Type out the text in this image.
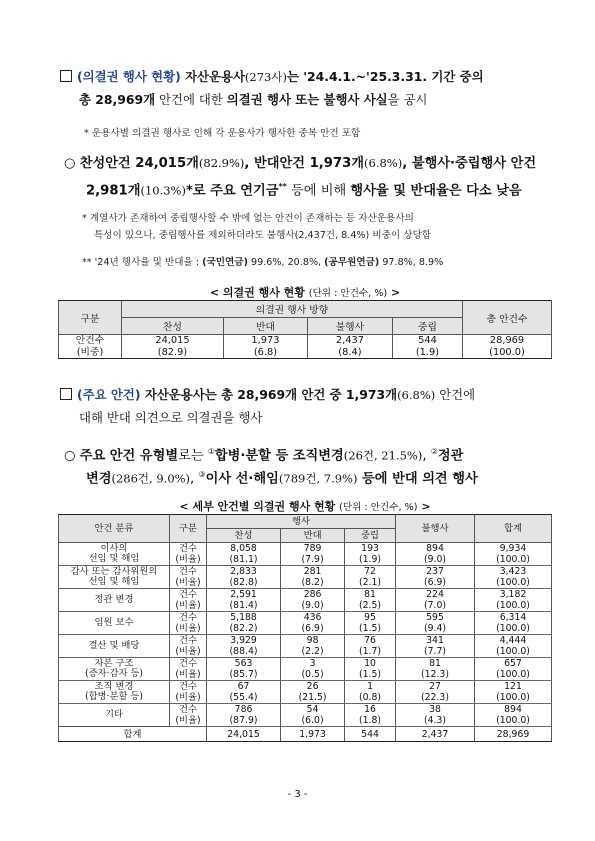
(의결권 행사 현황) 자산운용사(273사)는 '24.4.1.~'25.3.31. 기간 중의
총 28,969개 안건에 대한 의결권 행사 또는 불행사 사실을 공시
* 운용사별 의결권 행사로 인해 각 운용사가 행사한 중복 안건 포함
○ 찬성안건 24,015개(82.9%), 반대안건 1,973개(6.8%), 불행사·중립행사 안건
2,981개(10.3%)*로 주요 연기금** 등에 비해 행사율 및 반대율은 다소 낮음
* 계열사가 존재하여 중립행사할 수 밖에 없는 안건이 존재하는 등 자산운용사의
특성이 있으나, 중립행사를 제외하더라도 불행사(2,437건, 8.4%) 비중이 상당함
** '24년 행사율 및 반대율 : (국민연금) 99.6%, 20.8%, (공무원연금) 97.8%, 8.9%
< 의결권 행사 현황 (단위 : 안건수, %) >
구분	의결권 행사 방향				총 안건수
	찬성	반대	불행사	중립	
안건수	24,015	1,973	2,437	544	28,969
(비중)	(82.9)	(6.8)	(8.4)	(1.9)	(100.0)
(주요 안건) 자산운용사는 총 28,969개 안건 중 1,973개(6.8%) 안건에
대해 반대 의견으로 의결권을 행사
○ 주요 안건 유형별로는 ①합병·분할 등 조직변경(26건, 21.5%), ②정관
변경(286건, 9.0%), ③이사 선·해임(789건, 7.9%) 등에 반대 의견 행사
< 세부 안건별 의결권 행사 현황 (단위 : 안건수, %) >
안건 분류	구분	행사			불행사	합계
		찬성	반대	중립		

이사의
선임 및 해임	건수	8,058	789	193	894	9,934
	(비율)	(81.1)	(7.9)	(1.9)	(9.0)	(100.0)

감사 또는 감사위원의
선임 및 해임	건수	2,833	281	72	237	3,423
	(비율)	(82.8)	(8.2)	(2.1)	(6.9)	(100.0)

정관 변경	건수	2,591	286	81	224	3,182
	(비율)	(81.4)	(9.0)	(2.5)	(7.0)	(100.0)

임원 보수	건수	5,188	436	95	595	6,314
	(비율)	(82.2)	(6.9)	(1.5)	(9.4)	(100.0)

결산 및 배당	건수	3,929	98	76	341	4,444
	(비율)	(88.4)	(2.2)	(1.7)	(7.7)	(100.0)

자본 구조
(증자·감자 등)	건수	563	3	10	81	657
	(비율)	(85.7)	(0.5)	(1.5)	(12.3)	(100.0)

조직 변경
(합병·분할 등)	건수	67	26	1	27	121
	(비율)	(55.4)	(21.5)	(0.8)	(22.3)	(100.0)

기타	건수	786	54	16	38	894
	(비율)	(87.9)	(6.0)	(1.8)	(4.3)	(100.0)
합계		24,015	1,973	544	2,437	28,969
- 3 -
